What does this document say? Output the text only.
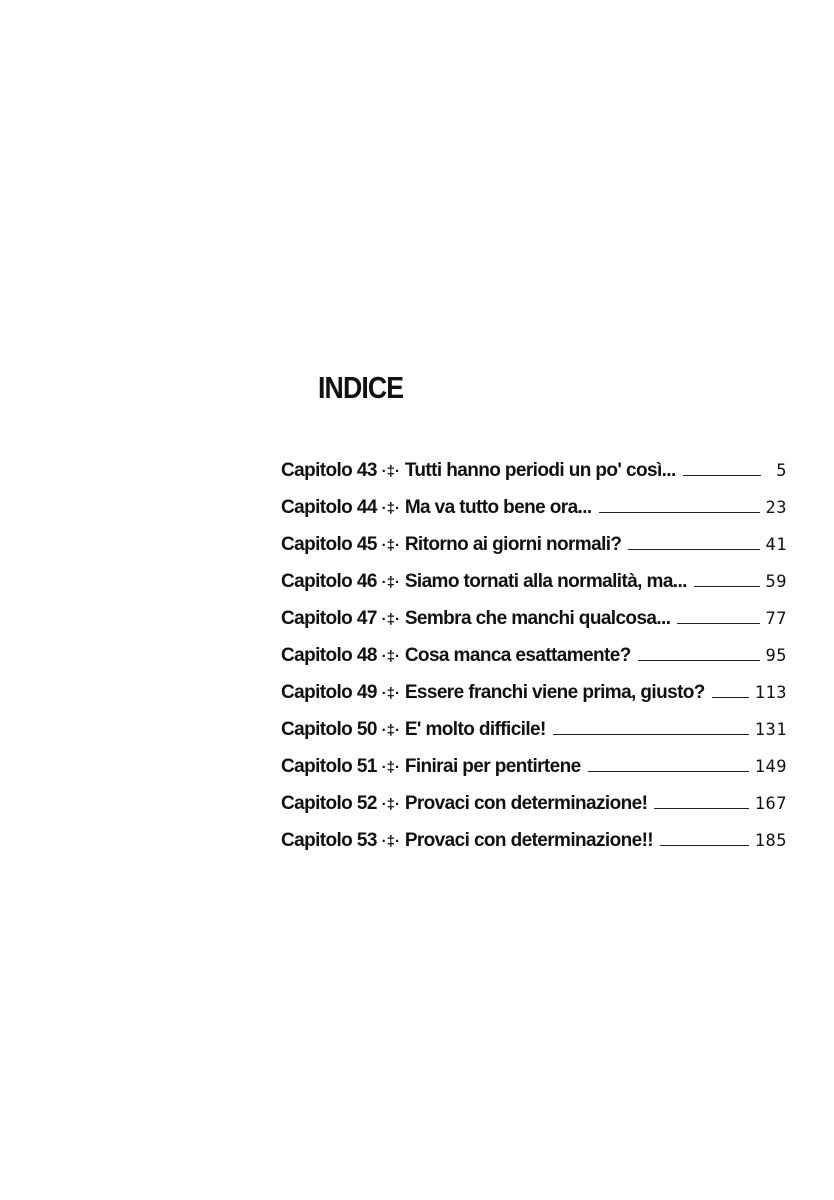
INDICE
Capitolo 43 ·‡· Tutti hanno periodi un po' così...	5
Capitolo 44 ·‡· Ma va tutto bene ora...	23
Capitolo 45 ·‡· Ritorno ai giorni normali?	41
Capitolo 46 ·‡· Siamo tornati alla normalità, ma...	59
Capitolo 47 ·‡· Sembra che manchi qualcosa...	77
Capitolo 48 ·‡· Cosa manca esattamente?	95
Capitolo 49 ·‡· Essere franchi viene prima, giusto?	113
Capitolo 50 ·‡· E' molto difficile!	131
Capitolo 51 ·‡· Finirai per pentirtene	149
Capitolo 52 ·‡· Provaci con determinazione!	167
Capitolo 53 ·‡· Provaci con determinazione!!	185
